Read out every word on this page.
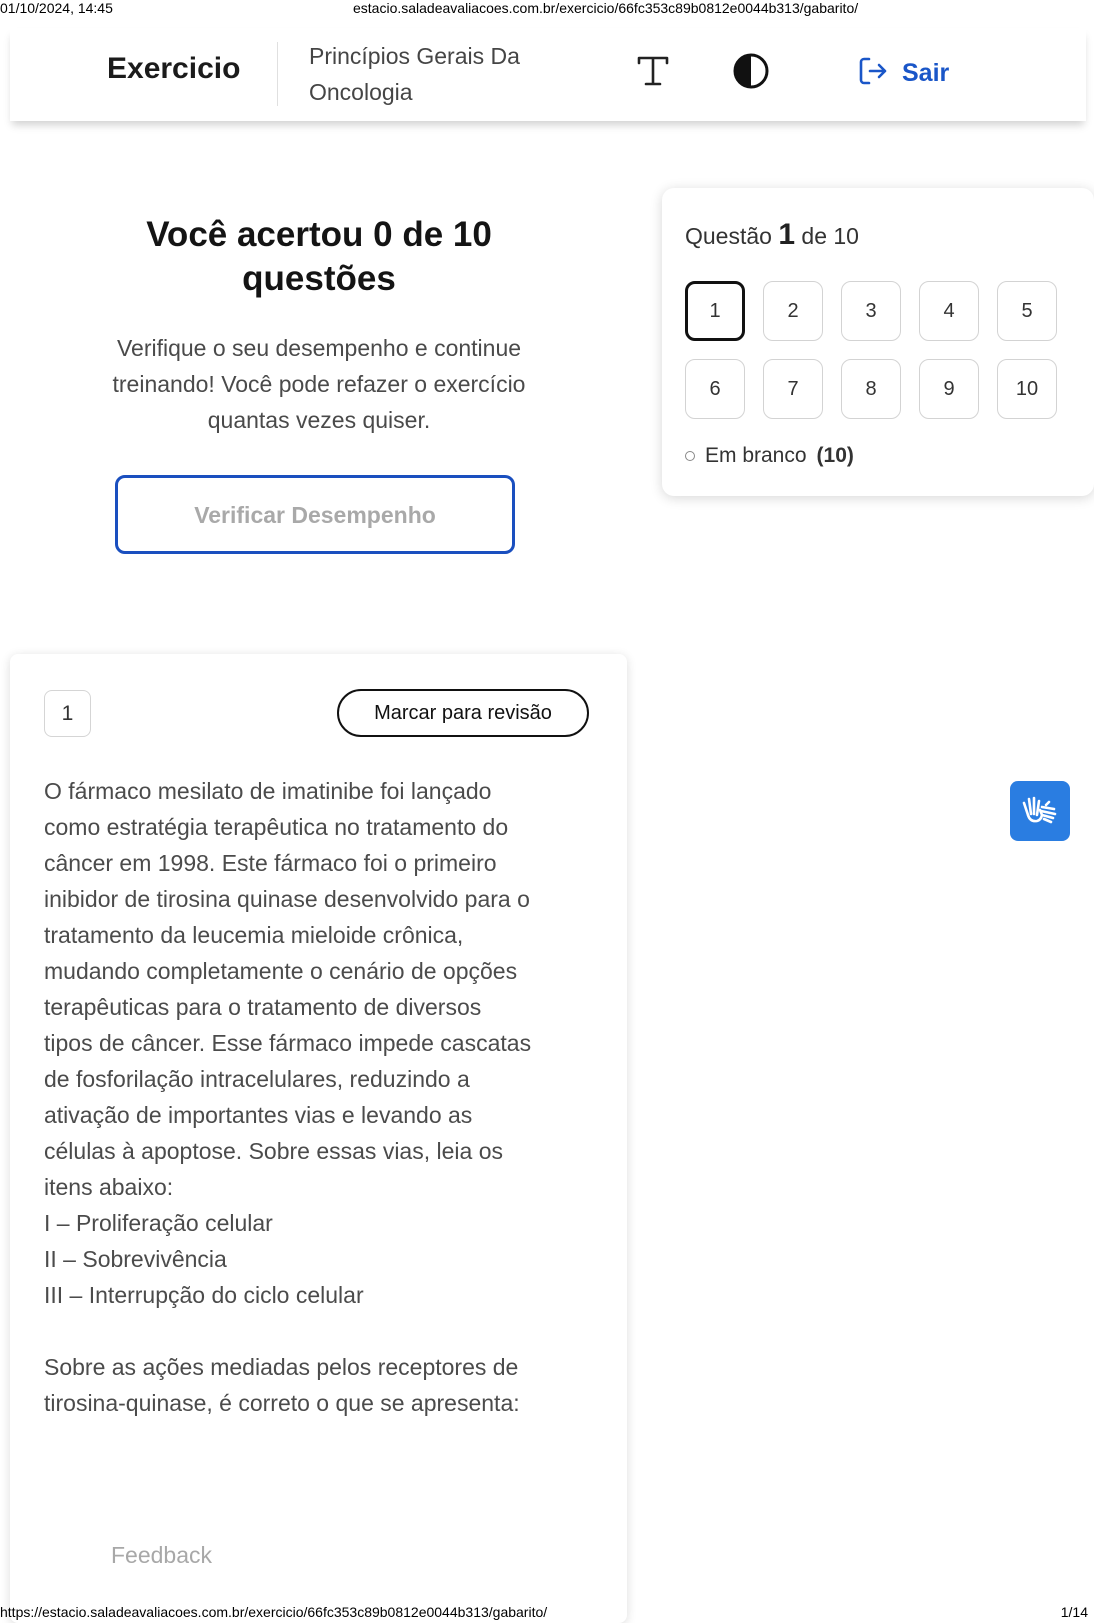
01/10/2024, 14:45	estacio.saladeavaliacoes.com.br/exercicio/66fc353c89b0812e0044b313/gabarito/
Exercicio	Princípios Gerais Da
Oncologia
Sair
Você acertou 0 de 10
questões

Verifique o seu desempenho e continue
treinando! Você pode refazer o exercício
quantas vezes quiser.

Verificar Desempenho
Questão 1 de 10
1	2	3	4	5
6	7	8	9	10
Em branco (10)
1	Marcar para revisão

O fármaco mesilato de imatinibe foi lançado
como estratégia terapêutica no tratamento do
câncer em 1998. Este fármaco foi o primeiro
inibidor de tirosina quinase desenvolvido para o
tratamento da leucemia mieloide crônica,
mudando completamente o cenário de opções
terapêuticas para o tratamento de diversos
tipos de câncer. Esse fármaco impede cascatas
de fosforilação intracelulares, reduzindo a
ativação de importantes vias e levando as
células à apoptose. Sobre essas vias, leia os
itens abaixo:

I – Proliferação celular
II – Sobrevivência
III – Interrupção do ciclo celular

Sobre as ações mediadas pelos receptores de
tirosina-quinase, é correto o que se apresenta:

Feedback
https://estacio.saladeavaliacoes.com.br/exercicio/66fc353c89b0812e0044b313/gabarito/	1/14
